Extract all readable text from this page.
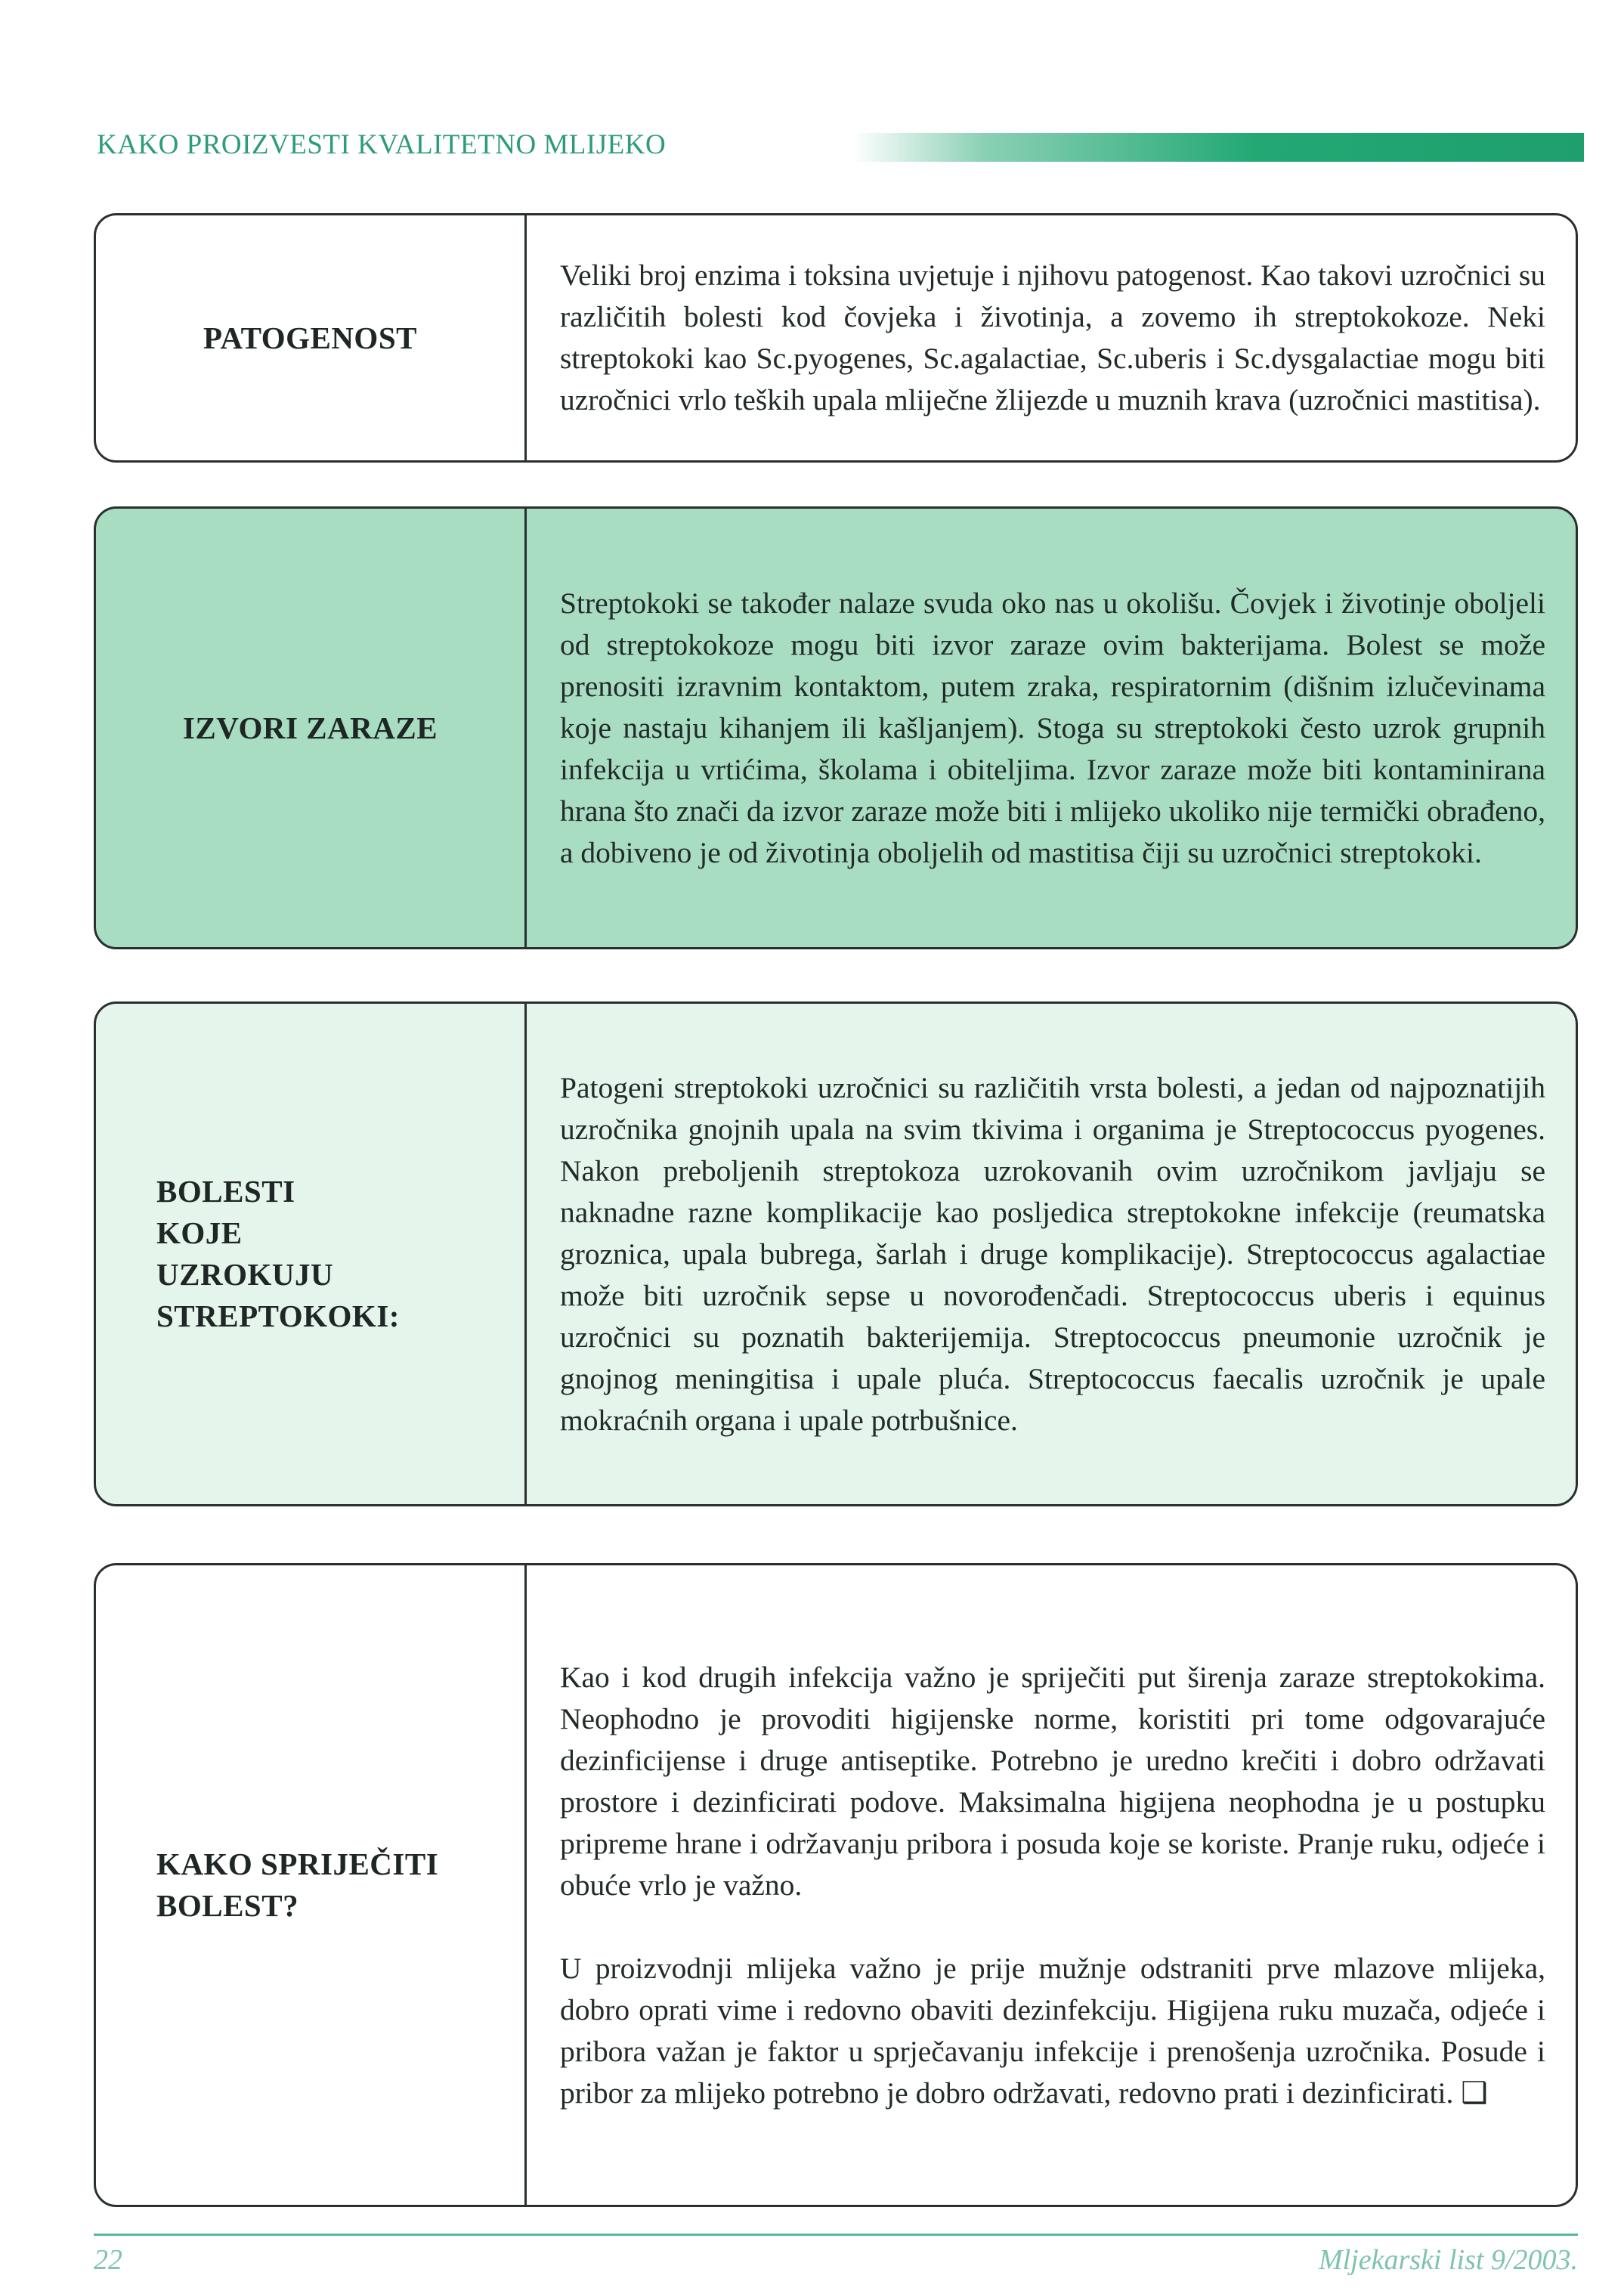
KAKO PROIZVESTI KVALITETNO MLIJEKO
PATOGENOST

Veliki broj enzima i toksina uvjetuje i njihovu patogenost. Kao takovi uzročnici su različitih bolesti kod čovjeka i životinja, a zovemo ih streptokokoze. Neki streptokoki kao Sc.pyogenes, Sc.agalactiae, Sc.uberis i Sc.dysgalactiae mogu biti uzročnici vrlo teških upala mliječne žlijezde u muznih krava (uzročnici mastitisa).

IZVORI ZARAZE

Streptokoki se također nalaze svuda oko nas u okolišu. Čovjek i životinje oboljeli od streptokokoze mogu biti izvor zaraze ovim bakterijama. Bolest se može prenositi izravnim kontaktom, putem zraka, respiratornim (dišnim izlučevinama koje nastaju kihanjem ili kašljanjem). Stoga su streptokoki često uzrok grupnih infekcija u vrtićima, školama i obiteljima. Izvor zaraze može biti kontaminirana hrana što znači da izvor zaraze može biti i mlijeko ukoliko nije termički obrađeno, a dobiveno je od životinja oboljelih od mastitisa čiji su uzročnici streptokoki.

BOLESTI
KOJE
UZROKUJU
STREPTOKOKI:

Patogeni streptokoki uzročnici su različitih vrsta bolesti, a jedan od najpoznatijih uzročnika gnojnih upala na svim tkivima i organima je Streptococcus pyogenes. Nakon preboljenih streptokoza uzrokovanih ovim uzročnikom javljaju se naknadne razne komplikacije kao posljedica streptokokne infekcije (reumatska groznica, upala bubrega, šarlah i druge komplikacije). Streptococcus agalactiae može biti uzročnik sepse u novorođenčadi. Streptococcus uberis i equinus uzročnici su poznatih bakterijemija. Streptococcus pneumonie uzročnik je gnojnog meningitisa i upale pluća. Streptococcus faecalis uzročnik je upale mokraćnih organa i upale potrbušnice.

KAKO SPRIJEČITI
BOLEST?

Kao i kod drugih infekcija važno je spriječiti put širenja zaraze streptokokima. Neophodno je provoditi higijenske norme, koristiti pri tome odgovarajuće dezinficijense i druge antiseptike. Potrebno je uredno krečiti i dobro održavati prostore i dezinficirati podove. Maksimalna higijena neophodna je u postupku pripreme hrane i održavanju pribora i posuda koje se koriste. Pranje ruku, odjeće i obuće vrlo je važno.

U proizvodnji mlijeka važno je prije mužnje odstraniti prve mlazove mlijeka, dobro oprati vime i redovno obaviti dezinfekciju. Higijena ruku muzača, odjeće i pribora važan je faktor u sprječavanju infekcije i prenošenja uzročnika. Posude i pribor za mlijeko potrebno je dobro održavati, redovno prati i dezinficirati. ❑

22	Mljekarski list 9/2003.
